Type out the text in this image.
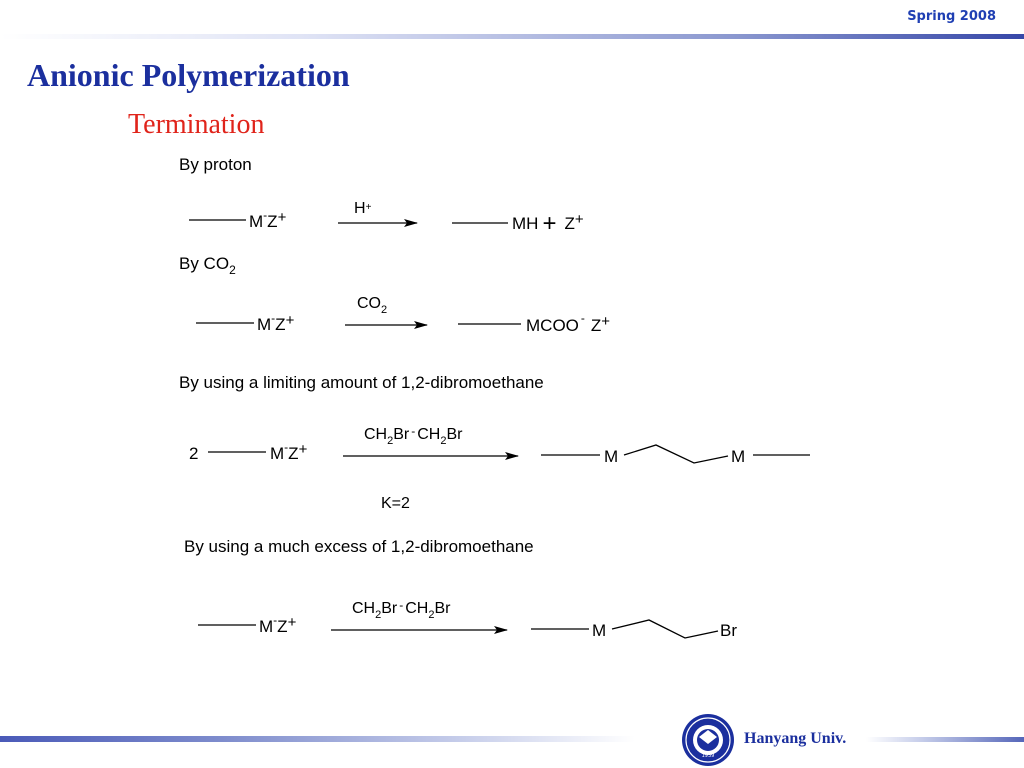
Spring 2008
Anionic Polymerization
Termination
By proton
M-Z+
H+
MH + Z+
By $CO_2$
M-Z+
$CO_2$
MCOO - Z+
By using a limiting amount of 1,2-dibromoethane
2	M-Z+
$CH_2Br$ - $CH_2Br$
M	M
K=2
By using a much excess of 1,2-dibromoethane
M-Z+
$CH_2Br$ - $CH_2Br$
M	Br
1939
Hanyang Univ.
